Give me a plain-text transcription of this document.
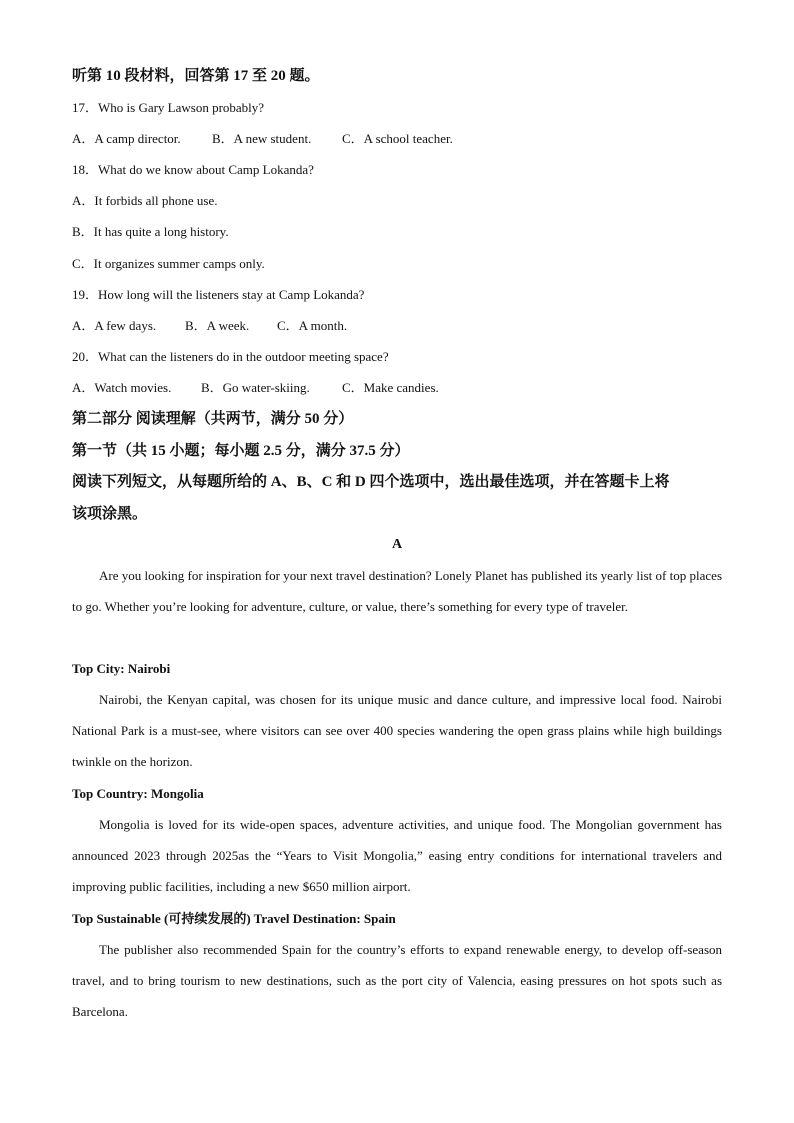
听第 10 段材料，回答第 17 至 20 题。
17．Who is Gary Lawson probably?
A．A camp director. B．A new student. C．A school teacher.
18．What do we know about Camp Lokanda?
A．It forbids all phone use.
B．It has quite a long history.
C．It organizes summer camps only.
19．How long will the listeners stay at Camp Lokanda?
A．A few days. B．A week. C．A month.
20．What can the listeners do in the outdoor meeting space?
A．Watch movies. B．Go water-skiing. C．Make candies.
第二部分 阅读理解（共两节，满分 50 分）
第一节（共 15 小题；每小题 2.5 分，满分 37.5 分）
阅读下列短文，从每题所给的 A、B、C 和 D 四个选项中，选出最佳选项，并在答题卡上将
该项涂黑。
A
Are you looking for inspiration for your next travel destination? Lonely Planet has published its yearly list of top places to go. Whether you’re looking for adventure, culture, or value, there’s something for every type of traveler.
Top City: Nairobi
Nairobi, the Kenyan capital, was chosen for its unique music and dance culture, and impressive local food. Nairobi National Park is a must-see, where visitors can see over 400 species wandering the open grass plains while high buildings twinkle on the horizon.
Top Country: Mongolia
Mongolia is loved for its wide-open spaces, adventure activities, and unique food. The Mongolian government has announced 2023 through 2025as the “Years to Visit Mongolia,” easing entry conditions for international travelers and improving public facilities, including a new $650 million airport.
Top Sustainable (可持续发展的) Travel Destination: Spain
The publisher also recommended Spain for the country’s efforts to expand renewable energy, to develop off-season travel, and to bring tourism to new destinations, such as the port city of Valencia, easing pressures on hot spots such as Barcelona.
